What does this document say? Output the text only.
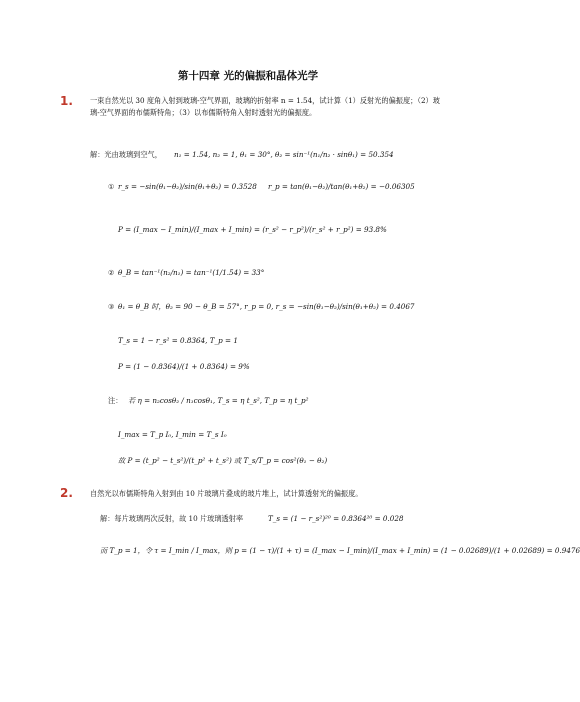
第十四章 光的偏振和晶体光学
1. 一束自然光以 30 度角入射到玻璃-空气界面，玻璃的折射率 n = 1.54，试计算（1）反射光的偏振度；（2）玻璃-空气界面的布儒斯特角；（3）以布儒斯特角入射时透射光的偏振度。
解：光由玻璃到空气， n₁ = 1.54, n₂ = 1, θ₁ = 30°, θ₂ = sin⁻¹(n₁/n₂ · sinθ₁) = 50.354
① r_s = −sin(θ₁−θ₂)/sin(θ₁+θ₂) = 0.3528 r_p = tan(θ₁−θ₂)/tan(θ₁+θ₂) = −0.06305
P = (I_max − I_min)/(I_max + I_min) = (r_s² − r_p²)/(r_s² + r_p²) = 93.8%
② θ_B = tan⁻¹(n₂/n₁) = tan⁻¹(1/1.54) = 33°
③ θ₁ = θ_B 时，θ₂ = 90 − θ_B = 57°, r_p = 0, r_s = −sin(θ₁−θ₂)/sin(θ₁+θ₂) = 0.4067
T_s = 1 − r_s² = 0.8364, T_p = 1
P = (1 − 0.8364)/(1 + 0.8364) = 9%
注： 若 η = n₂cosθ₂ / n₁cosθ₁, T_s = η t_s², T_p = η t_p²
I_max = T_p I₀, I_min = T_s I₀
故 P = (t_p² − t_s²)/(t_p² + t_s²) 或 T_s/T_p = cos²(θ₁ − θ₂)
2. 自然光以布儒斯特角入射到由 10 片玻璃片叠成的玻片堆上，试计算透射光的偏振度。
解：每片玻璃两次反射，故 10 片玻璃透射率	T_s = (1 − r_s²)²⁰ = 0.8364²⁰ = 0.028
而 T_p = 1，令 τ = I_min / I_max，则 p = (1 − τ)/(1 + τ) = (I_max − I_min)/(I_max + I_min) = (1 − 0.02689)/(1 + 0.02689) = 0.9476
